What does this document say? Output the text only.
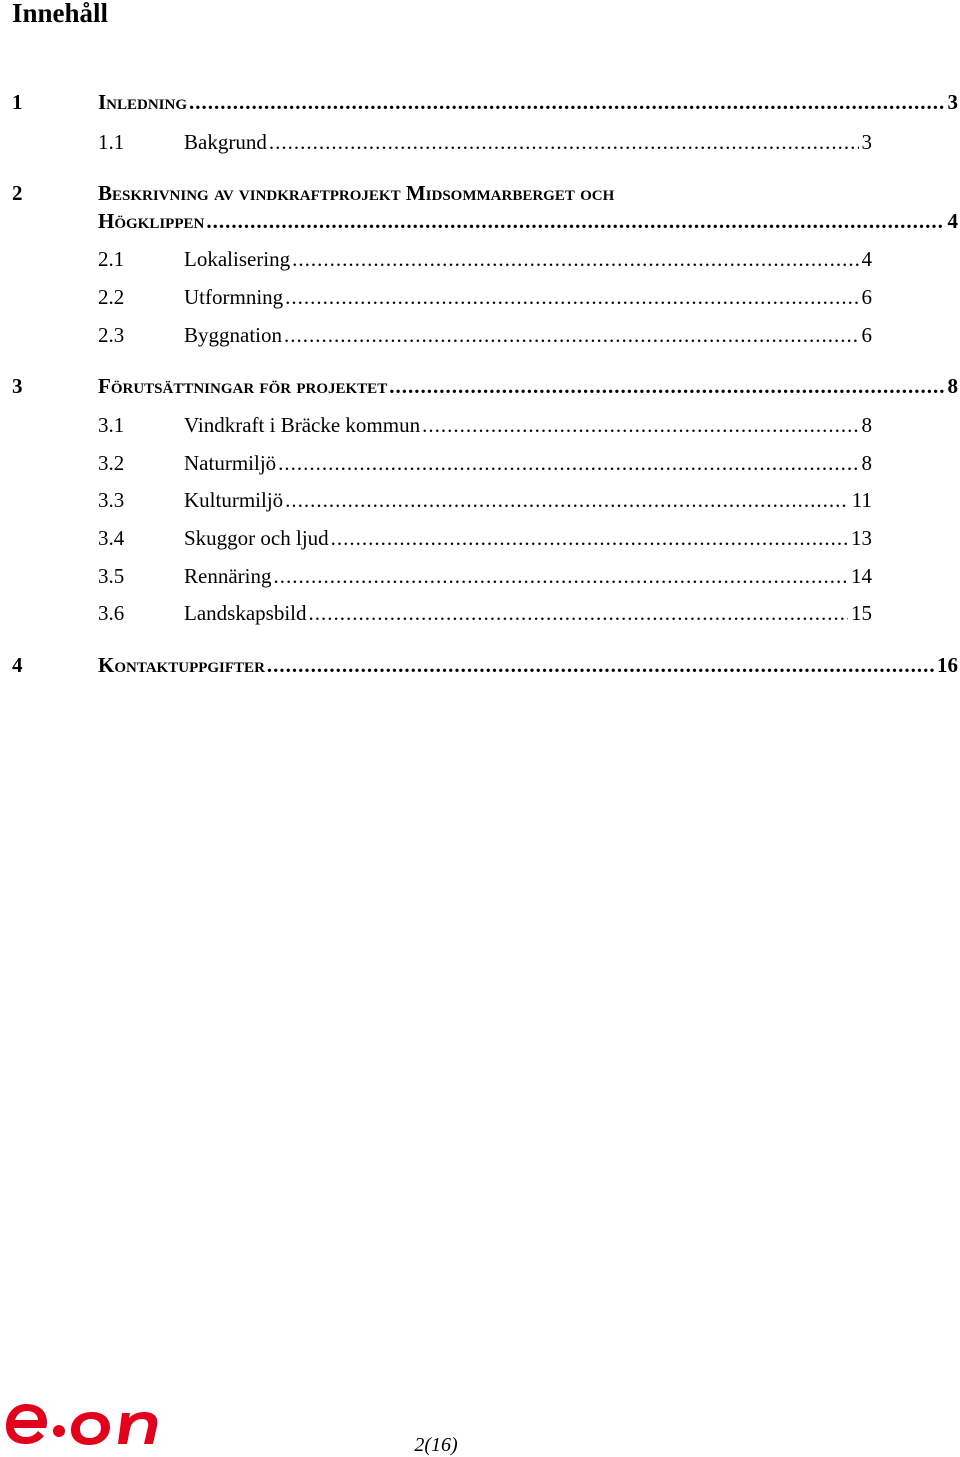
Innehåll
1	Inledning .....	3
1.1	Bakgrund .....	3
2	Beskrivning av vindkraftprojekt Midsommarberget och
Högklippen .....	4
2.1	Lokalisering .....	4
2.2	Utformning .....	6
2.3	Byggnation .....	6
3	Förutsättningar för projektet .....	8
3.1	Vindkraft i Bräcke kommun .....	8
3.2	Naturmiljö .....	8
3.3	Kulturmiljö .....	11
3.4	Skuggor och ljud .....	13
3.5	Rennäring .....	14
3.6	Landskapsbild .....	15
4	Kontaktuppgifter .....	16
2(16)
